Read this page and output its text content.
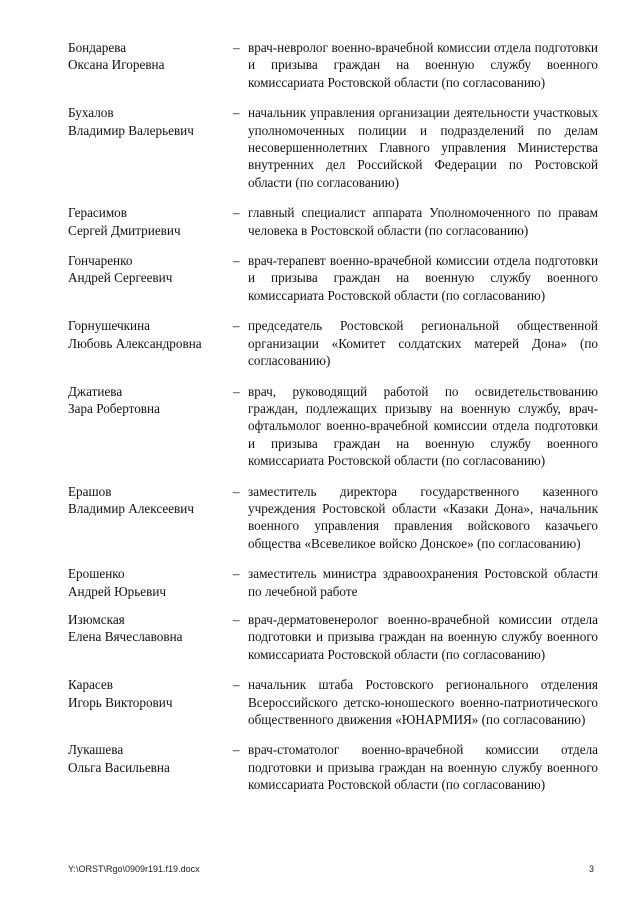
Бондарева
Оксана Игоревна
– врач-невролог военно-врачебной комиссии отдела подготовки и призыва граждан на военную службу военного комиссариата Ростовской области (по согласованию)
Бухалов
Владимир Валерьевич
– начальник управления организации деятельности участковых уполномоченных полиции и подразделений по делам несовершеннолетних Главного управления Министерства внутренних дел Российской Федерации по Ростовской области (по согласованию)
Герасимов
Сергей Дмитриевич
– главный специалист аппарата Уполномоченного по правам человека в Ростовской области (по согласованию)
Гончаренко
Андрей Сергеевич
– врач-терапевт военно-врачебной комиссии отдела подготовки и призыва граждан на военную службу военного комиссариата Ростовской области (по согласованию)
Горнушечкина
Любовь Александровна
– председатель Ростовской региональной общественной организации «Комитет солдатских матерей Дона» (по согласованию)
Джатиева
Зара Робертовна
– врач, руководящий работой по освидетельствованию граждан, подлежащих призыву на военную службу, врач-офтальмолог военно-врачебной комиссии отдела подготовки и призыва граждан на военную службу военного комиссариата Ростовской области (по согласованию)
Ерашов
Владимир Алексеевич
– заместитель директора государственного казенного учреждения Ростовской области «Казаки Дона», начальник военного управления правления войскового казачьего общества «Всевеликое войско Донское» (по согласованию)
Ерошенко
Андрей Юрьевич
– заместитель министра здравоохранения Ростовской области по лечебной работе
Изюмская
Елена Вячеславовна
– врач-дерматовенеролог военно-врачебной комиссии отдела подготовки и призыва граждан на военную службу военного комиссариата Ростовской области (по согласованию)
Карасев
Игорь Викторович
– начальник штаба Ростовского регионального отделения Всероссийского детско-юношеского военно-патриотического общественного движения «ЮНАРМИЯ» (по согласованию)
Лукашева
Ольга Васильевна
– врач-стоматолог военно-врачебной комиссии отдела подготовки и призыва граждан на военную службу военного комиссариата Ростовской области (по согласованию)
Y:\ORST\Rgo\0909r191.f19.docx	3
